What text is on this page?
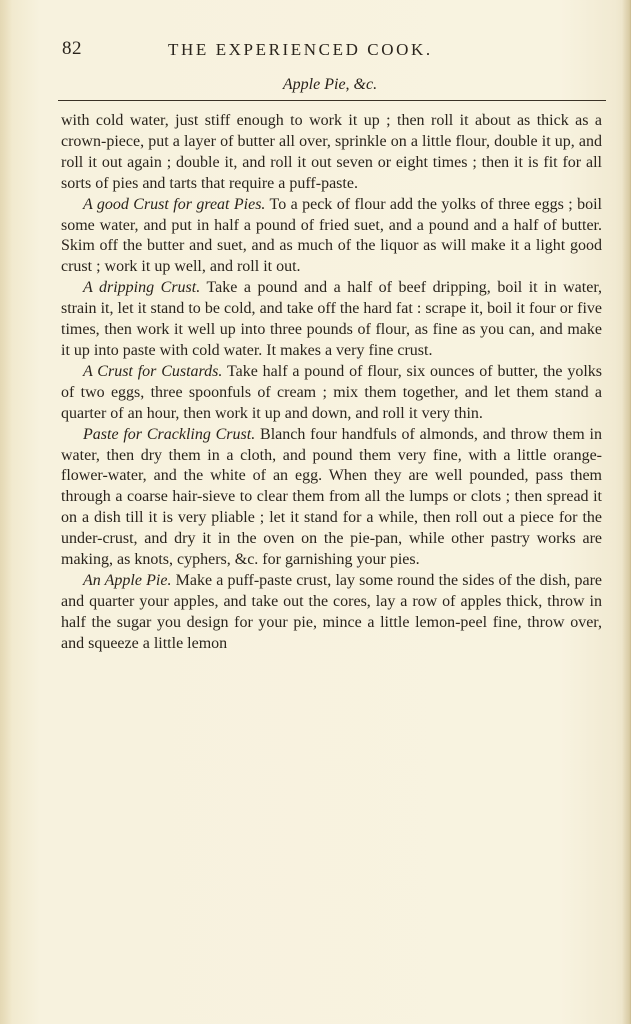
82	THE EXPERIENCED COOK.
Apple Pie, &c.

with cold water, just stiff enough to work it up ; then roll it about as thick as a crown-piece, put a layer of butter all over, sprinkle on a little flour, double it up, and roll it out again ; double it, and roll it out seven or eight times ; then it is fit for all sorts of pies and tarts that require a puff-paste.

A good Crust for great Pies. To a peck of flour add the yolks of three eggs ; boil some water, and put in half a pound of fried suet, and a pound and a half of butter. Skim off the butter and suet, and as much of the liquor as will make it a light good crust ; work it up well, and roll it out.

A dripping Crust. Take a pound and a half of beef dripping, boil it in water, strain it, let it stand to be cold, and take off the hard fat : scrape it, boil it four or five times, then work it well up into three pounds of flour, as fine as you can, and make it up into paste with cold water. It makes a very fine crust.

A Crust for Custards. Take half a pound of flour, six ounces of butter, the yolks of two eggs, three spoonfuls of cream ; mix them together, and let them stand a quarter of an hour, then work it up and down, and roll it very thin.

Paste for Crackling Crust. Blanch four handfuls of almonds, and throw them in water, then dry them in a cloth, and pound them very fine, with a little orange-flower-water, and the white of an egg. When they are well pounded, pass them through a coarse hair-sieve to clear them from all the lumps or clots ; then spread it on a dish till it is very pliable ; let it stand for a while, then roll out a piece for the under-crust, and dry it in the oven on the pie-pan, while other pastry works are making, as knots, cyphers, &c. for garnishing your pies.

An Apple Pie. Make a puff-paste crust, lay some round the sides of the dish, pare and quarter your apples, and take out the cores, lay a row of apples thick, throw in half the sugar you design for your pie, mince a little lemon-peel fine, throw over, and squeeze a little lemon
